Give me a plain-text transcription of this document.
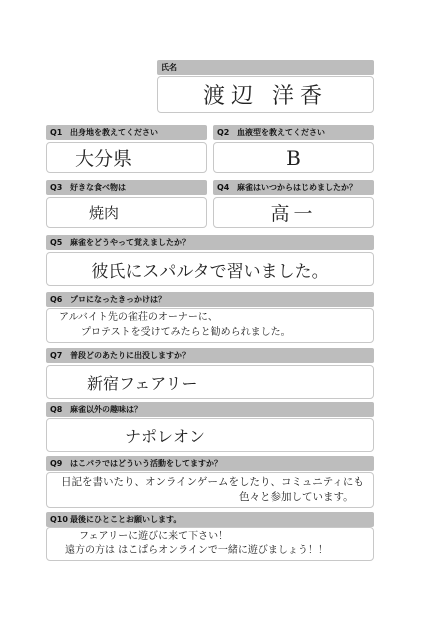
氏名
渡辺 洋香
Q1 出身地を教えてください
大分県
Q2 血液型を教えてください
B
Q3 好きな食べ物は
焼肉
Q4 麻雀はいつからはじめましたか？
高一
Q5 麻雀をどうやって覚えましたか？
彼氏にスパルタで習いました。
Q6 プロになったきっかけは？
アルバイト先の雀荘のオーナーに、
プロテストを受けてみたらと勧められました。
Q7 普段どのあたりに出没しますか？
新宿フェアリー
Q8 麻雀以外の趣味は？
ナポレオン
Q9 はこパラではどういう活動をしてますか？
日記を書いたり、オンラインゲームをしたり、コミュニティにも
色々と参加しています。
Q10 最後にひとことお願いします。
フェアリーに遊びに来て下さい！
遠方の方は はこぱらオンラインで一緒に遊びましょう！！
